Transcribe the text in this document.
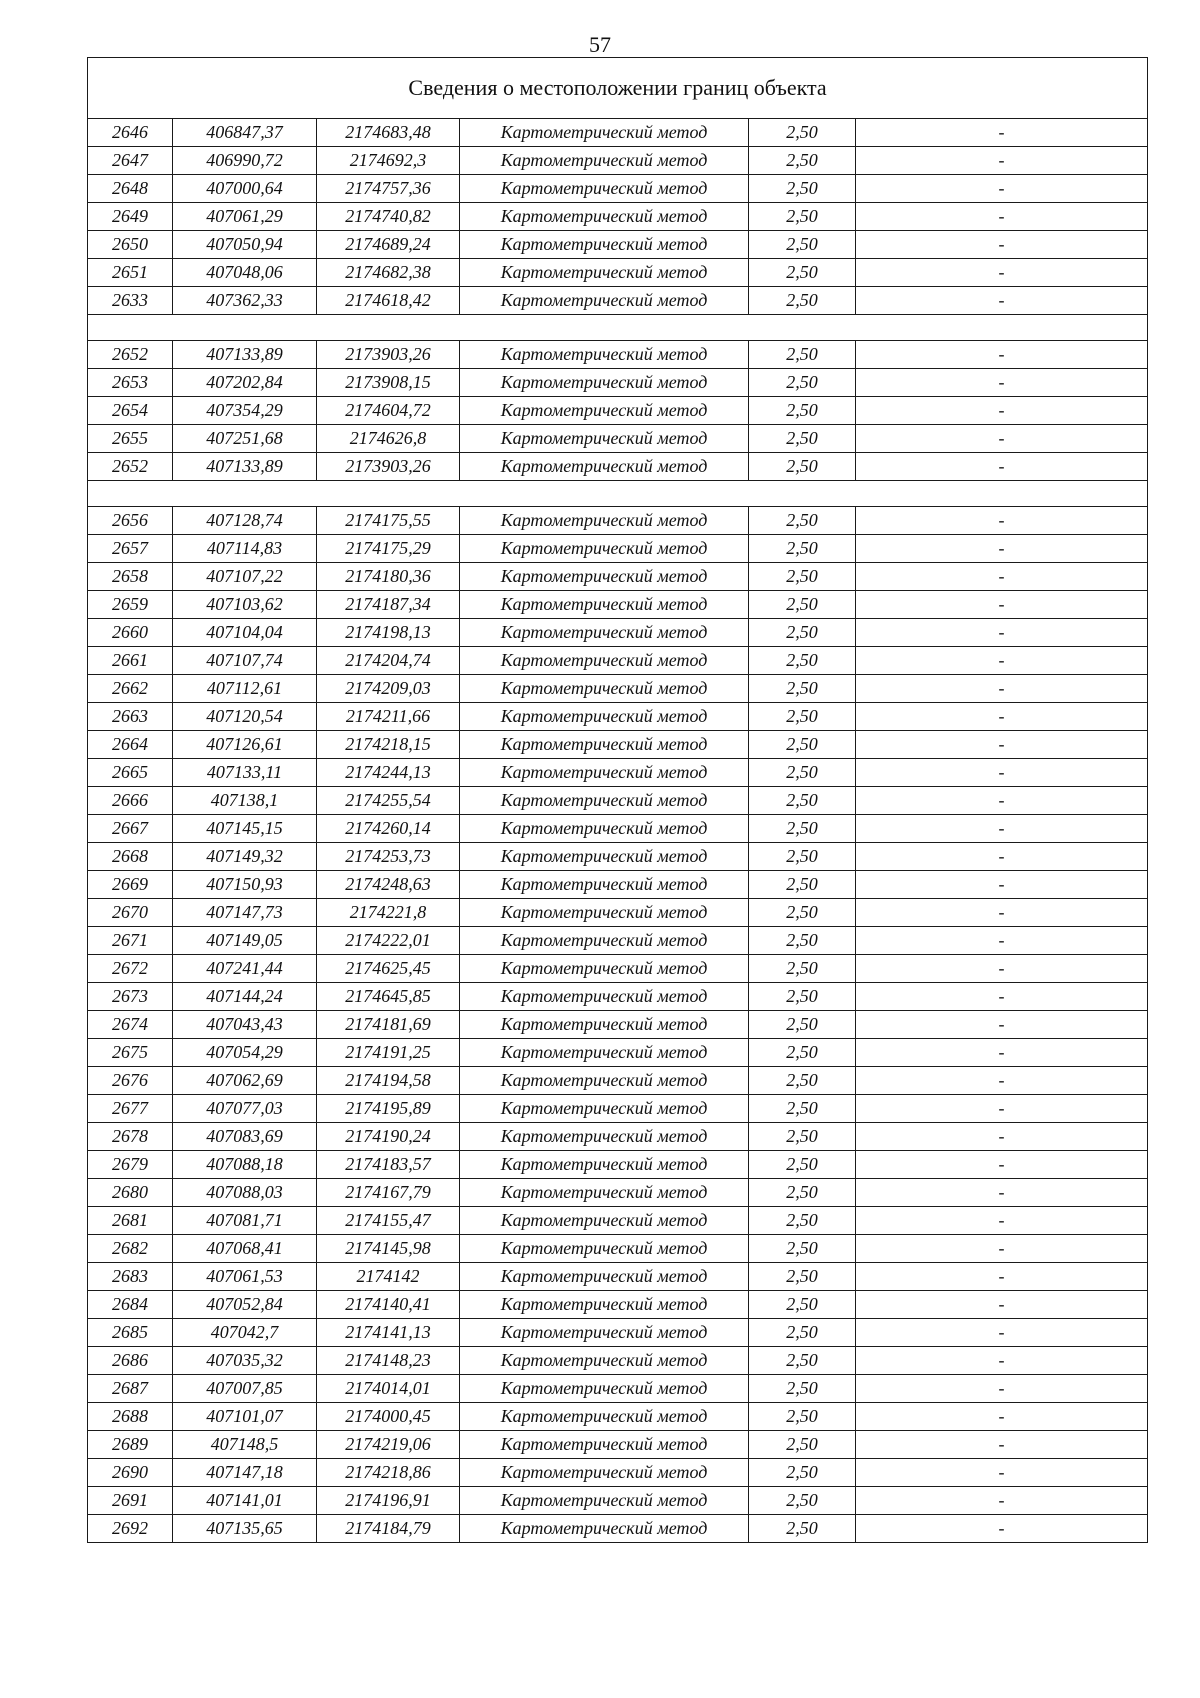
57
Сведения о местоположении границ объекта					
2646	406847,37	2174683,48	Картометрический метод	2,50	-
2647	406990,72	2174692,3	Картометрический метод	2,50	-
2648	407000,64	2174757,36	Картометрический метод	2,50	-
2649	407061,29	2174740,82	Картометрический метод	2,50	-
2650	407050,94	2174689,24	Картометрический метод	2,50	-
2651	407048,06	2174682,38	Картометрический метод	2,50	-
2633	407362,33	2174618,42	Картометрический метод	2,50	-

2652	407133,89	2173903,26	Картометрический метод	2,50	-
2653	407202,84	2173908,15	Картометрический метод	2,50	-
2654	407354,29	2174604,72	Картометрический метод	2,50	-
2655	407251,68	2174626,8	Картометрический метод	2,50	-
2652	407133,89	2173903,26	Картометрический метод	2,50	-

2656	407128,74	2174175,55	Картометрический метод	2,50	-
2657	407114,83	2174175,29	Картометрический метод	2,50	-
2658	407107,22	2174180,36	Картометрический метод	2,50	-
2659	407103,62	2174187,34	Картометрический метод	2,50	-
2660	407104,04	2174198,13	Картометрический метод	2,50	-
2661	407107,74	2174204,74	Картометрический метод	2,50	-
2662	407112,61	2174209,03	Картометрический метод	2,50	-
2663	407120,54	2174211,66	Картометрический метод	2,50	-
2664	407126,61	2174218,15	Картометрический метод	2,50	-
2665	407133,11	2174244,13	Картометрический метод	2,50	-
2666	407138,1	2174255,54	Картометрический метод	2,50	-
2667	407145,15	2174260,14	Картометрический метод	2,50	-
2668	407149,32	2174253,73	Картометрический метод	2,50	-
2669	407150,93	2174248,63	Картометрический метод	2,50	-
2670	407147,73	2174221,8	Картометрический метод	2,50	-
2671	407149,05	2174222,01	Картометрический метод	2,50	-
2672	407241,44	2174625,45	Картометрический метод	2,50	-
2673	407144,24	2174645,85	Картометрический метод	2,50	-
2674	407043,43	2174181,69	Картометрический метод	2,50	-
2675	407054,29	2174191,25	Картометрический метод	2,50	-
2676	407062,69	2174194,58	Картометрический метод	2,50	-
2677	407077,03	2174195,89	Картометрический метод	2,50	-
2678	407083,69	2174190,24	Картометрический метод	2,50	-
2679	407088,18	2174183,57	Картометрический метод	2,50	-
2680	407088,03	2174167,79	Картометрический метод	2,50	-
2681	407081,71	2174155,47	Картометрический метод	2,50	-
2682	407068,41	2174145,98	Картометрический метод	2,50	-
2683	407061,53	2174142	Картометрический метод	2,50	-
2684	407052,84	2174140,41	Картометрический метод	2,50	-
2685	407042,7	2174141,13	Картометрический метод	2,50	-
2686	407035,32	2174148,23	Картометрический метод	2,50	-
2687	407007,85	2174014,01	Картометрический метод	2,50	-
2688	407101,07	2174000,45	Картометрический метод	2,50	-
2689	407148,5	2174219,06	Картометрический метод	2,50	-
2690	407147,18	2174218,86	Картометрический метод	2,50	-
2691	407141,01	2174196,91	Картометрический метод	2,50	-
2692	407135,65	2174184,79	Картометрический метод	2,50	-
